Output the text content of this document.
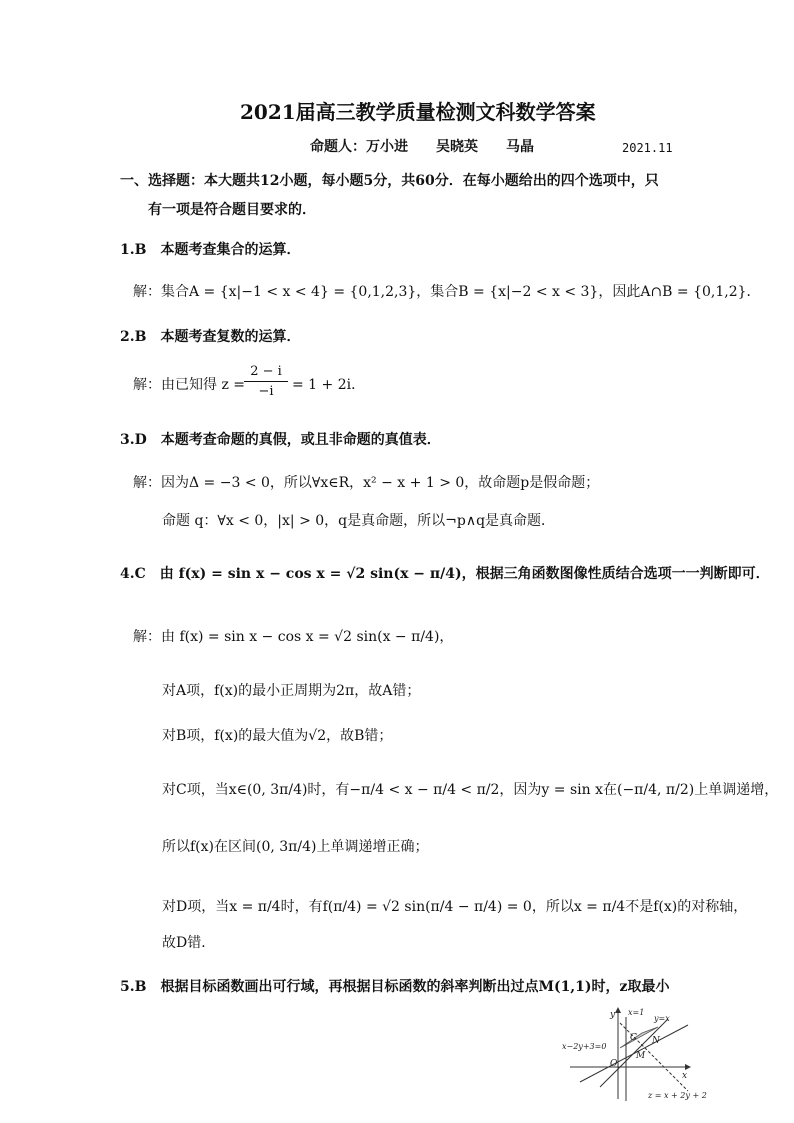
2021届高三教学质量检测文科数学答案
命题人：万小进　　吴晓英　　马晶	2021.11
一、选择题：本大题共12小题，每小题5分，共60分．在每小题给出的四个选项中，只
有一项是符合题目要求的．
1.B　本题考查集合的运算．
解：集合A = {x|−1 < x < 4} = {0,1,2,3}，集合B = {x|−2 < x < 3}，因此A∩B = {0,1,2}．
2.B　本题考查复数的运算．
解：由已知得 z =
2 − i
−i	= 1 + 2i．
3.D　本题考查命题的真假，或且非命题的真值表．
解：因为Δ = −3 < 0，所以∀x∈R，x² − x + 1 > 0，故命题p是假命题；
命题 q：∀x < 0，|x| > 0，q是真命题，所以¬p∧q是真命题．
4.C　由 f(x) = sin x − cos x = √2 sin(x − π/4)，根据三角函数图像性质结合选项一一判断即可．
解：由 f(x) = sin x − cos x = √2 sin(x − π/4)，
对A项，f(x)的最小正周期为2π，故A错；
对B项，f(x)的最大值为√2，故B错；
对C项，当x∈(0, 3π/4)时，有−π/4 < x − π/4 < π/2，因为y = sin x在(−π/4, π/2)上单调递增，
所以f(x)在区间(0, 3π/4)上单调递增正确；
对D项，当x = π/4时，有f(π/4) = √2 sin(π/4 − π/4) = 0，所以x = π/4不是f(x)的对称轴，
故D错．
5.B　根据目标函数画出可行域，再根据目标函数的斜率判断出过点M(1,1)时，z取最小
y
x
x=1
y=x
x−2y+3=0
C N
O
M
z = x + 2y + 2
